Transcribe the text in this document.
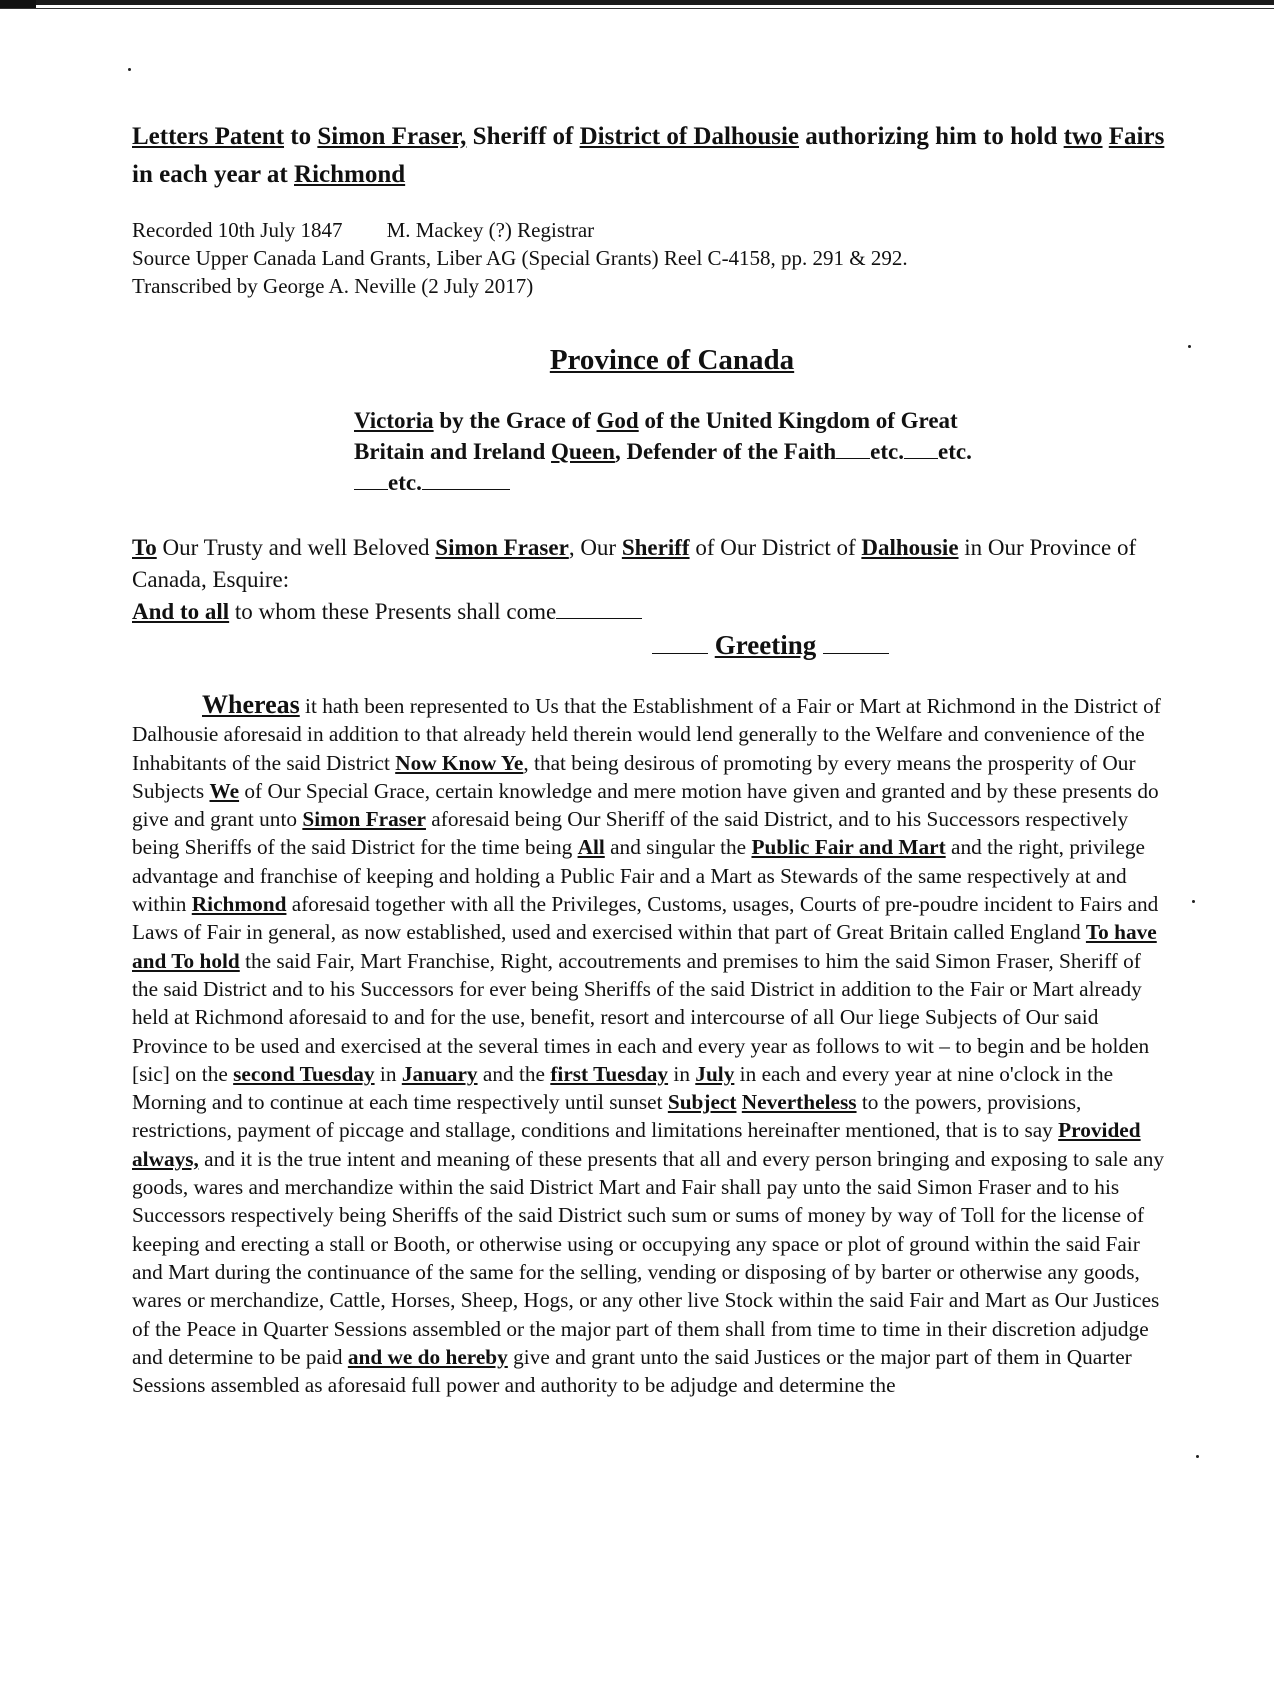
Letters Patent to Simon Fraser, Sheriff of District of Dalhousie authorizing him to hold two Fairs in each year at Richmond
Recorded 10th July 1847 M. Mackey (?) Registrar
Source Upper Canada Land Grants, Liber AG (Special Grants) Reel C-4158, pp. 291 & 292.
Transcribed by George A. Neville (2 July 2017)
Province of Canada
Victoria by the Grace of God of the United Kingdom of Great Britain and Ireland Queen, Defender of the Faith etc. etc.etc.
To Our Trusty and well Beloved Simon Fraser, Our Sheriff of Our District of Dalhousie in Our Province of Canada, Esquire:
And to all to whom these Presents shall come
Greeting
Whereas it hath been represented to Us that the Establishment of a Fair or Mart at Richmond in the District of Dalhousie aforesaid in addition to that already held therein would lend generally to the Welfare and convenience of the Inhabitants of the said District Now Know Ye, that being desirous of promoting by every means the prosperity of Our Subjects We of Our Special Grace, certain knowledge and mere motion have given and granted and by these presents do give and grant unto Simon Fraser aforesaid being Our Sheriff of the said District, and to his Successors respectively being Sheriffs of the said District for the time being All and singular the Public Fair and Mart and the right, privilege advantage and franchise of keeping and holding a Public Fair and a Mart as Stewards of the same respectively at and within Richmond aforesaid together with all the Privileges, Customs, usages, Courts of pre-poudre incident to Fairs and Laws of Fair in general, as now established, used and exercised within that part of Great Britain called England To have and To hold the said Fair, Mart Franchise, Right, accoutrements and premises to him the said Simon Fraser, Sheriff of the said District and to his Successors for ever being Sheriffs of the said District in addition to the Fair or Mart already held at Richmond aforesaid to and for the use, benefit, resort and intercourse of all Our liege Subjects of Our said Province to be used and exercised at the several times in each and every year as follows to wit – to begin and be holden [sic] on the second Tuesday in January and the first Tuesday in July in each and every year at nine o'clock in the Morning and to continue at each time respectively until sunset Subject Nevertheless to the powers, provisions, restrictions, payment of piccage and stallage, conditions and limitations hereinafter mentioned, that is to say Provided always, and it is the true intent and meaning of these presents that all and every person bringing and exposing to sale any goods, wares and merchandize within the said District Mart and Fair shall pay unto the said Simon Fraser and to his Successors respectively being Sheriffs of the said District such sum or sums of money by way of Toll for the license of keeping and erecting a stall or Booth, or otherwise using or occupying any space or plot of ground within the said Fair and Mart during the continuance of the same for the selling, vending or disposing of by barter or otherwise any goods, wares or merchandize, Cattle, Horses, Sheep, Hogs, or any other live Stock within the said Fair and Mart as Our Justices of the Peace in Quarter Sessions assembled or the major part of them shall from time to time in their discretion adjudge and determine to be paid and we do hereby give and grant unto the said Justices or the major part of them in Quarter Sessions assembled as aforesaid full power and authority to be adjudge and determine the
